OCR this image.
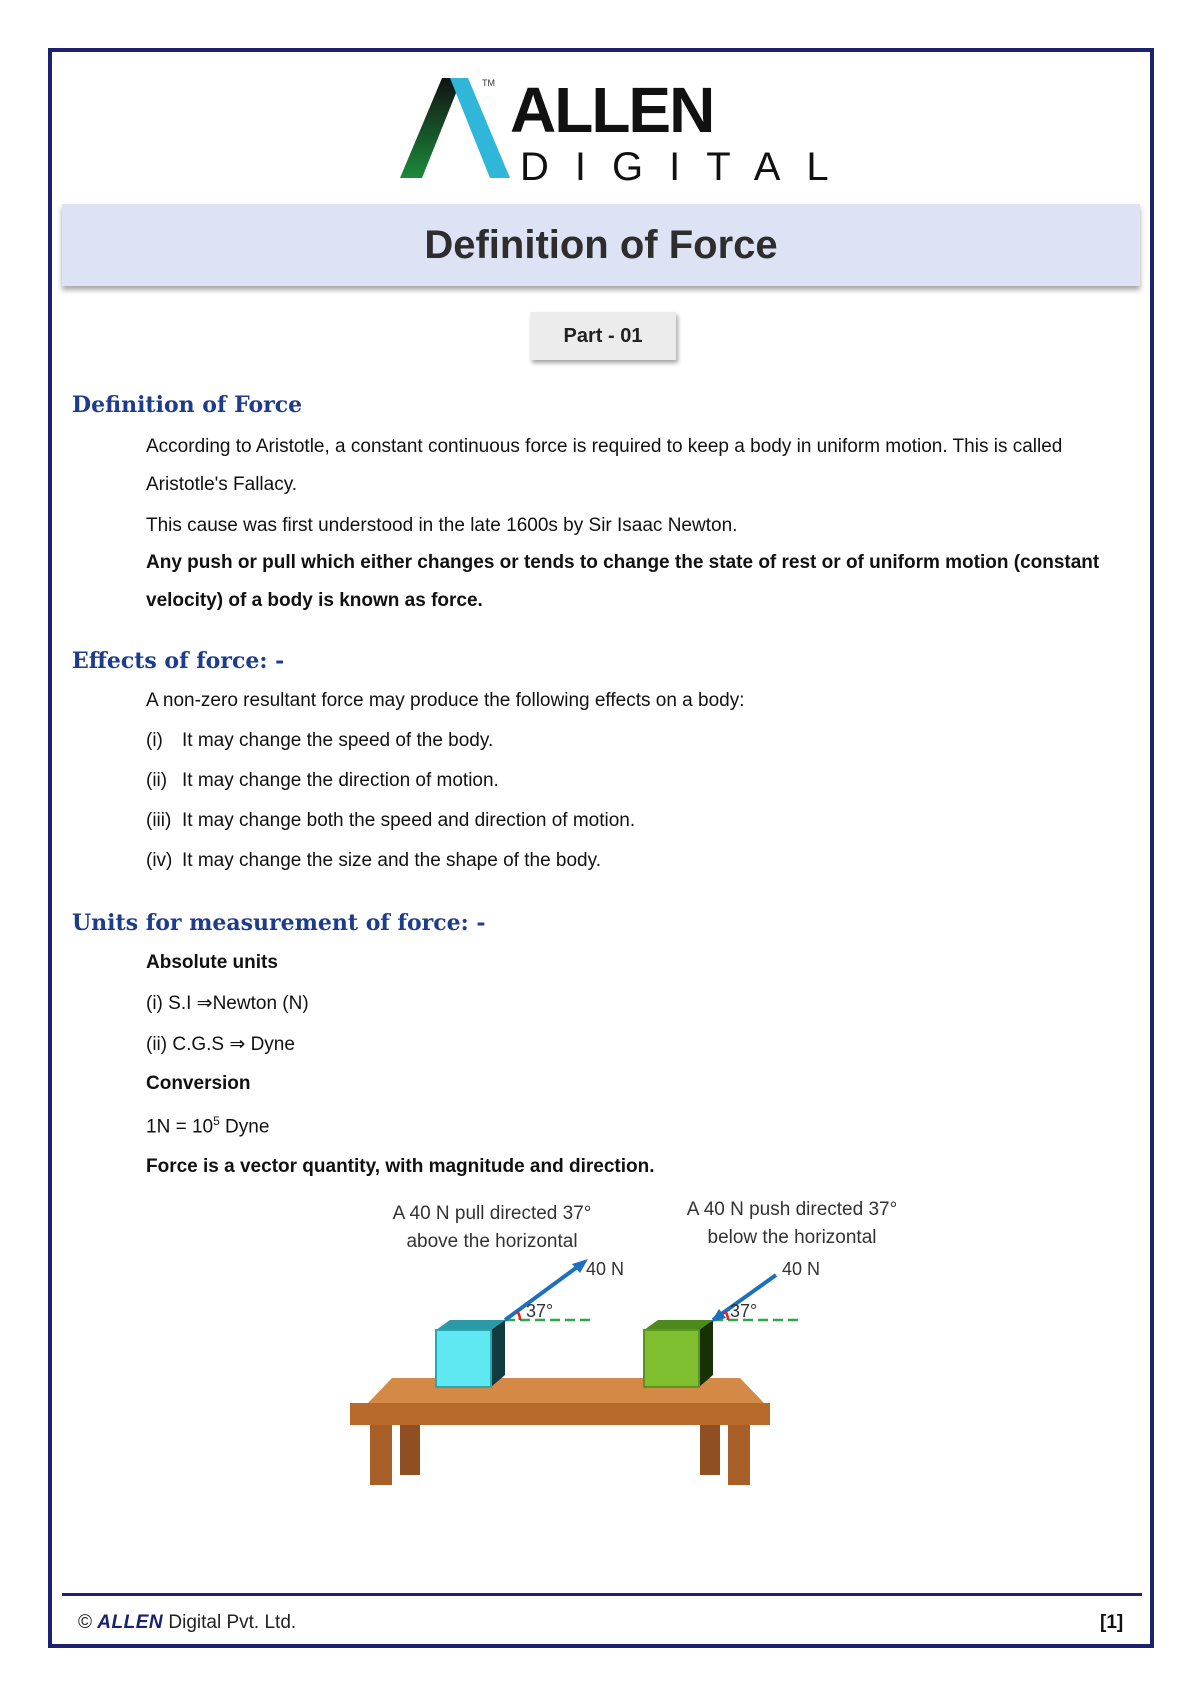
TM ALLEN
DIGITAL
Definition of Force
Part - 01
Definition of Force
According to Aristotle, a constant continuous force is required to keep a body in uniform motion. This is called Aristotle's Fallacy.
This cause was first understood in the late 1600s by Sir Isaac Newton.
Any push or pull which either changes or tends to change the state of rest or of uniform motion (constant velocity) of a body is known as force.
Effects of force: -
A non-zero resultant force may produce the following effects on a body:
(i) It may change the speed of the body.
(ii) It may change the direction of motion.
(iii) It may change both the speed and direction of motion.
(iv) It may change the size and the shape of the body.
Units for measurement of force: -
Absolute units
(i) S.I ⇒Newton (N)
(ii) C.G.S ⇒ Dyne
Conversion
$1N = 10^5$ Dyne
Force is a vector quantity, with magnitude and direction.
A 40 N pull directed 37°
above the horizontal
A 40 N push directed 37°
below the horizontal
37°
40 N
37°
40 N
© ALLEN Digital Pvt. Ltd.	[1]
